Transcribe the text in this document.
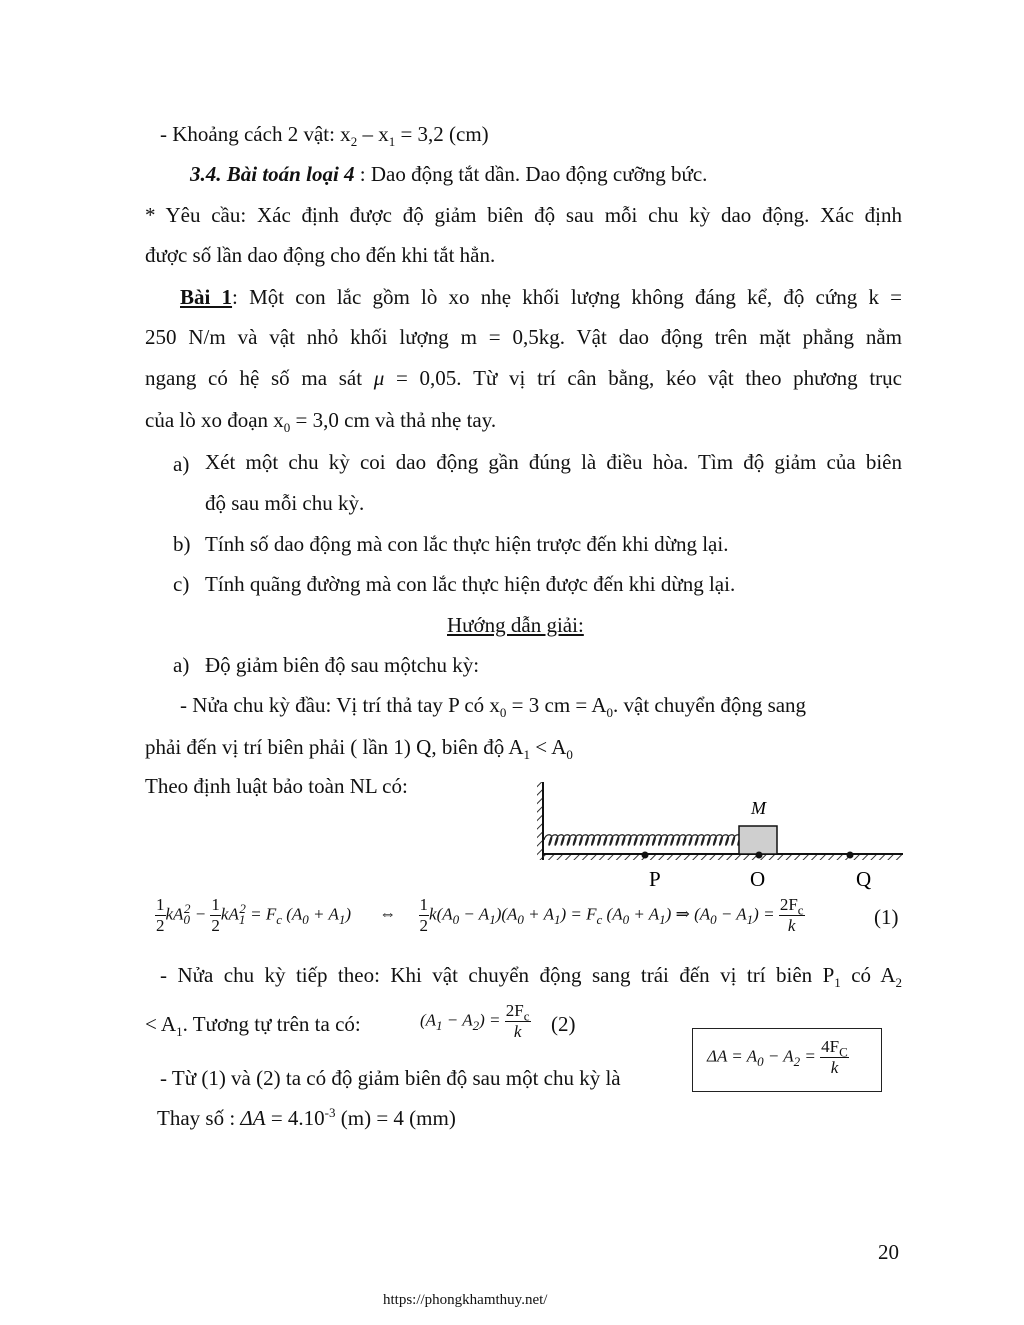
- Khoảng cách 2 vật: $x_2 - x_1 = 3,2$ (cm)
3.4. Bài toán loại 4 : Dao động tắt dần. Dao động cưỡng bức.
* Yêu cầu: Xác định được độ giảm biên độ sau mỗi chu kỳ dao động. Xác định
được số lần dao động cho đến khi tắt hẳn.
Bài 1: Một con lắc gồm lò xo nhẹ khối lượng không đáng kể, độ cứng k =
250 N/m và vật nhỏ khối lượng m = 0,5kg. Vật dao động trên mặt phẳng nằm
ngang có hệ số ma sát μ = 0,05. Từ vị trí cân bằng, kéo vật theo phương trục
của lò xo đoạn $x_0 = 3,0$ cm và thả nhẹ tay.
a) Xét một chu kỳ coi dao động gần đúng là điều hòa. Tìm độ giảm của biên
độ sau mỗi chu kỳ.
b) Tính số dao động mà con lắc thực hiện trược đến khi dừng lại.
c) Tính quãng đường mà con lắc thực hiện được đến khi dừng lại.
Hướng dẫn giải:
a) Độ giảm biên độ sau mộtchu kỳ:
- Nửa chu kỳ đầu: Vị trí thả tay P có $x_0 = 3$ cm = $A_0$. vật chuyển động sang
phải đến vị trí biên phải ( lần 1) Q, biên độ $A_1 < A_0$
Theo định luật bảo toàn NL có:
M
P	O	Q
$\frac{1}{2} kA_0^2 - \frac{1}{2} kA_1^2 = F_c$ $(A_0 + A_1)$ ⇔ $\frac{1}{2} k(A_0 - A_1)(A_0 + A_1) = F_c$ $(A_0 + A_1)$ ⇒ $(A_0 - A_1) = \frac{2F_c}{k}$	(1)
- Nửa chu kỳ tiếp theo: Khi vật chuyển động sang trái đến vị trí biên $P_1$ có $A_2$
< $A_1$. Tương tự trên ta có:	$(A_1 - A_2) = \frac{2F_c}{k} (2)$
$\Delta A = A_0 - A_2 = \frac{4F_C}{k}$
- Từ (1) và (2) ta có độ giảm biên độ sau một chu kỳ là
Thay số : $\Delta A = 4.10^{-3}$ (m) = 4 (mm)
20
https://phongkhamthuy.net/
